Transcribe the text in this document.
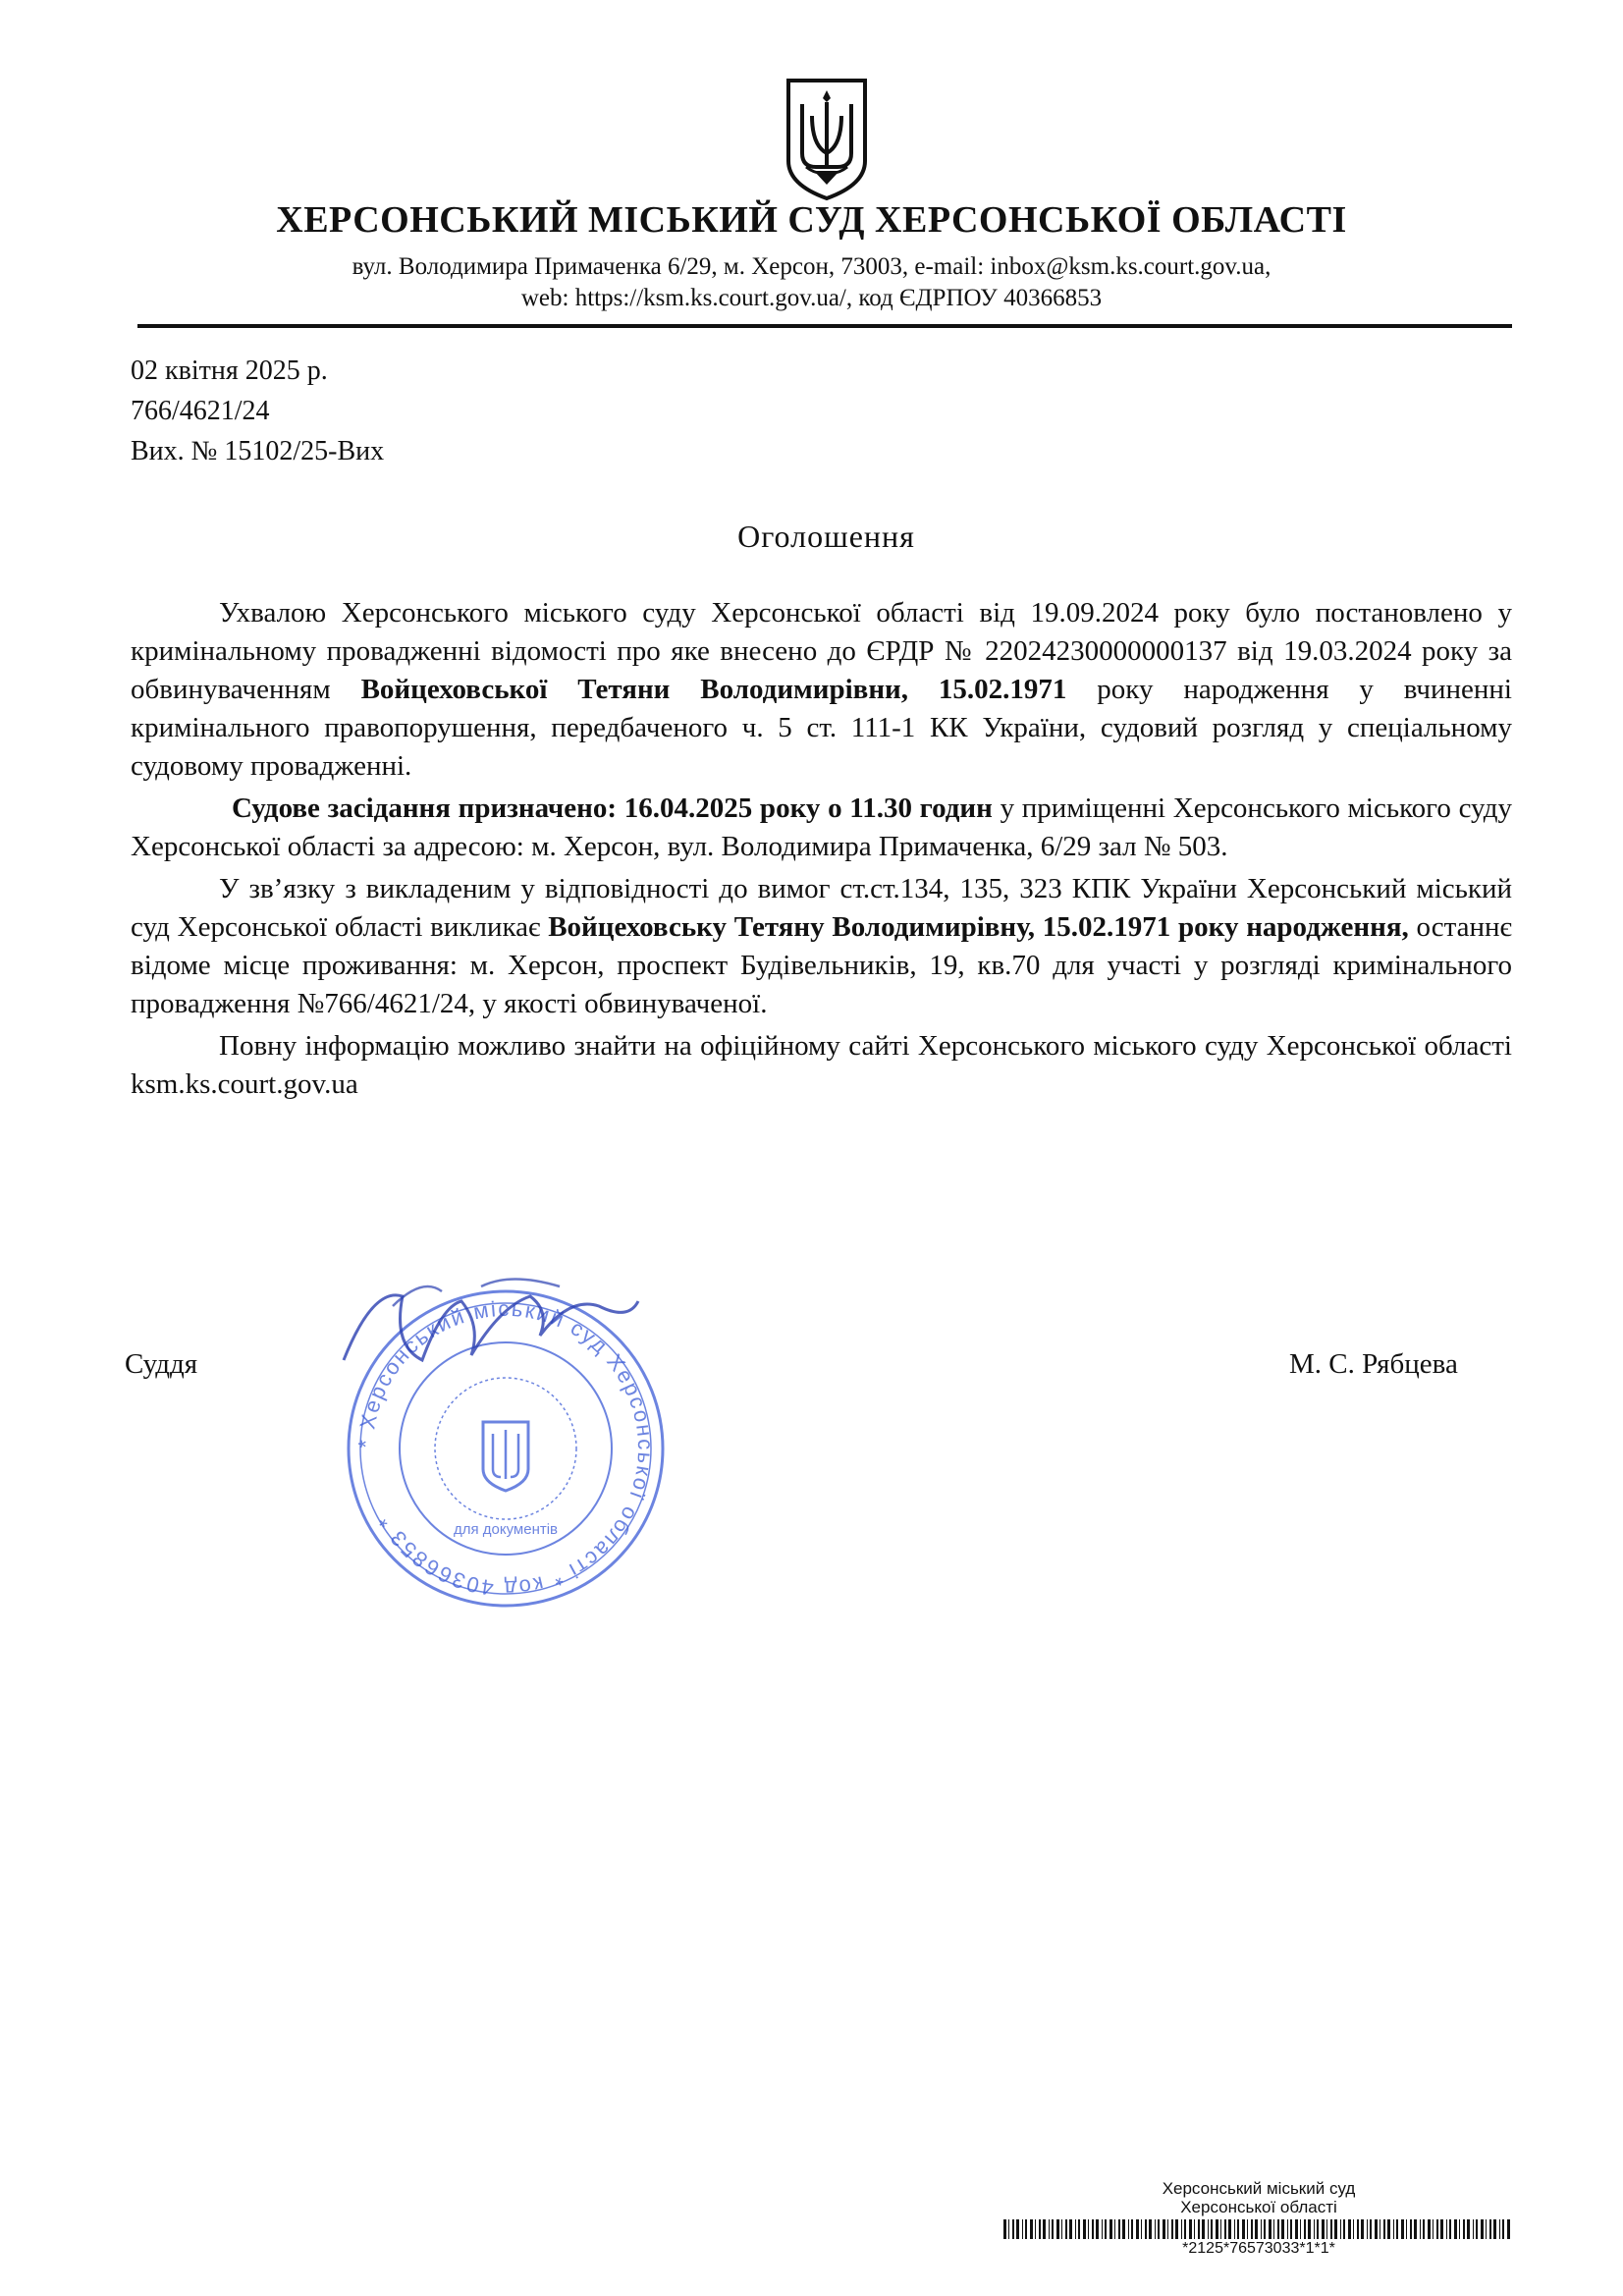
ХЕРСОНСЬКИЙ МІСЬКИЙ СУД ХЕРСОНСЬКОЇ ОБЛАСТІ
вул. Володимира Примаченка 6/29, м. Херсон, 73003, e-mail: inbox@ksm.ks.court.gov.ua,
web: https://ksm.ks.court.gov.ua/, код ЄДРПОУ 40366853
02 квітня 2025 р.
766/4621/24
Вих. № 15102/25-Вих
Оголошення

Ухвалою Херсонського міського суду Херсонської області від 19.09.2024 року було постановлено у кримінальному провадженні відомості про яке внесено до ЄРДР № 22024230000000137 від 19.03.2024 року за обвинуваченням Войцеховської Тетяни Володимирівни, 15.02.1971 року народження у вчиненні кримінального правопорушення, передбаченого ч. 5 ст. 111-1 КК України, судовий розгляд у спеціальному судовому провадженні.

Судове засідання призначено: 16.04.2025 року о 11.30 годин у приміщенні Херсонського міського суду Херсонської області за адресою: м. Херсон, вул. Володимира Примаченка, 6/29 зал № 503.

У зв’язку з викладеним у відповідності до вимог ст.ст.134, 135, 323 КПК України Херсонський міський суд Херсонської області викликає Войцеховську Тетяну Володимирівну, 15.02.1971 року народження, останнє відоме місце проживання: м. Херсон, проспект Будівельників, 19, кв.70 для участі у розгляді кримінального провадження №766/4621/24, у якості обвинуваченої.

Повну інформацію можливо знайти на офіційному сайті Херсонського міського суду Херсонської області ksm.ks.court.gov.ua

* Херсонський міський суд Херсонської області * код 40366853 *	для документів
Суддя	М. С. Рябцева
Херсонський міський суд
Херсонської області
*2125*76573033*1*1*
